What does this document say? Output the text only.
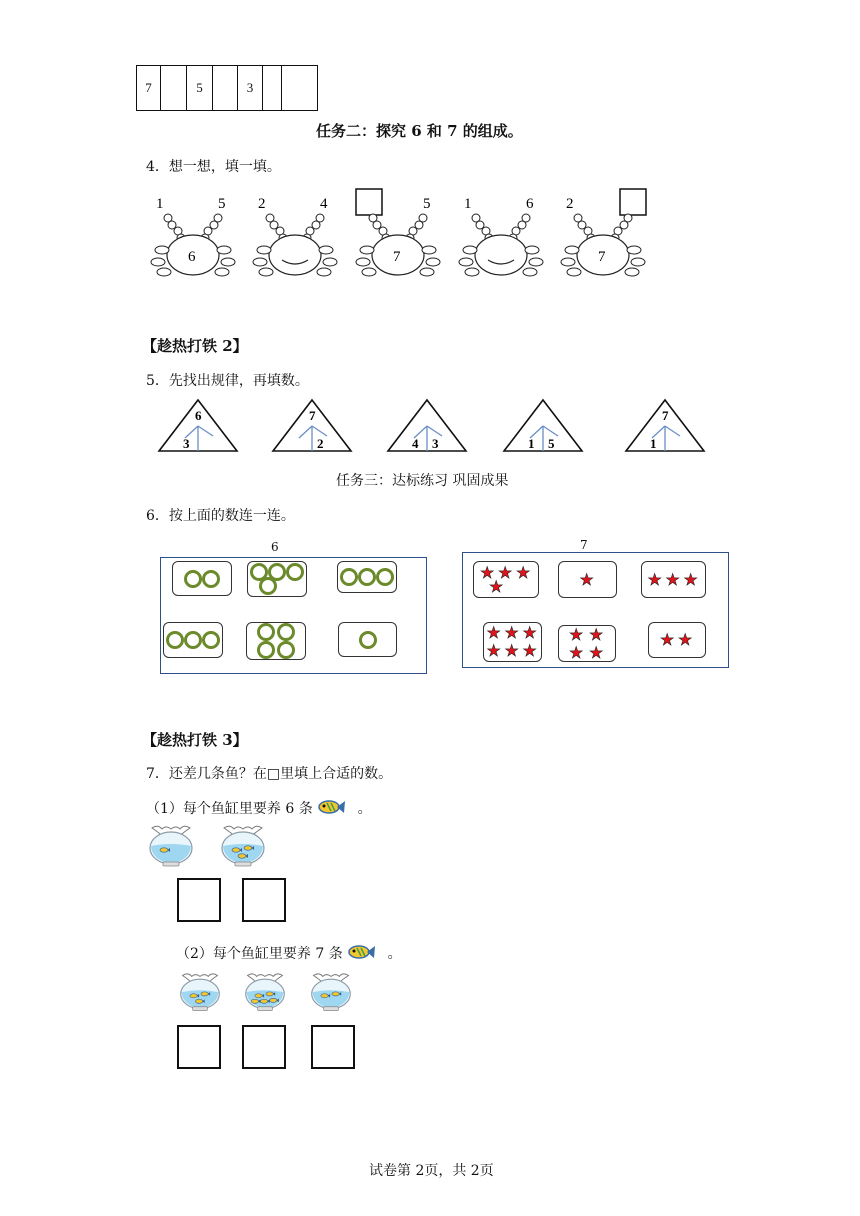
7		5		3		
任务二：探究 6 和 7 的组成。
4．想一想，填一填。
1	5
6
2	4	5
7
1	6 2
7
【趁热打铁 2】
5．先找出规律，再填数。
6
3
7
2	4 3	1 5
7
1
任务三：达标练习 巩固成果
6．按上面的数连一连。
6	7
★ ★ ★
★	★	★ ★ ★
★ ★ ★
★ ★ ★
★ ★
★ ★
★ ★
【趁热打铁 3】
7．还差几条鱼？在□里填上合适的数。
（1）每个鱼缸里要养 6 条	。
（2）每个鱼缸里要养 7 条	。
试卷第 2页，共 2页
